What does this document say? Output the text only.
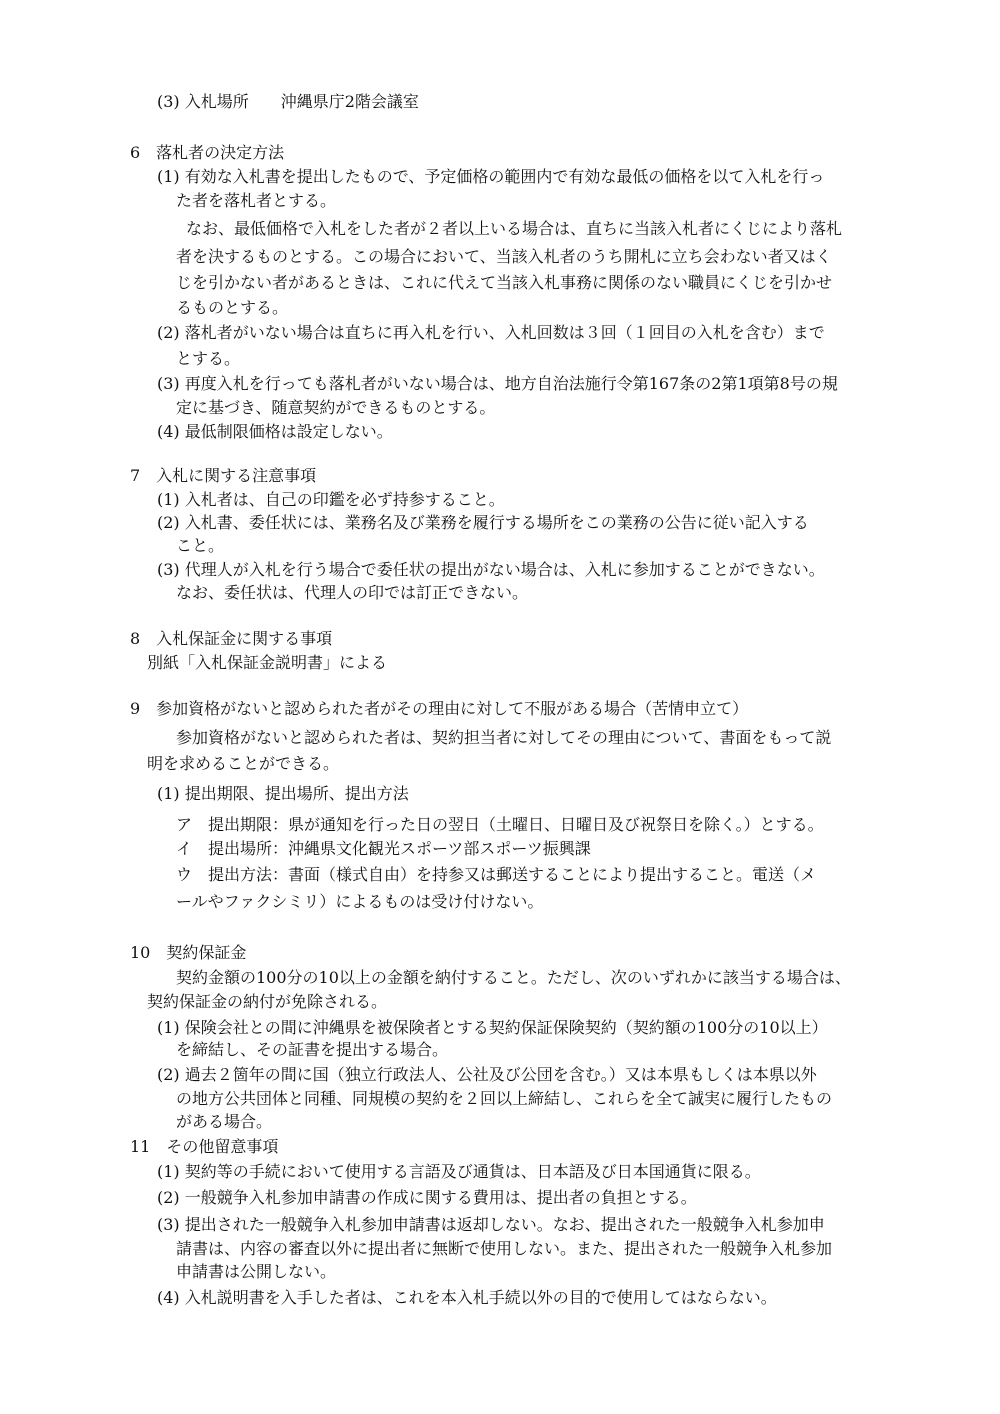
(3) 入札場所　　沖縄県庁2階会議室
6　落札者の決定方法
(1) 有効な入札書を提出したもので、予定価格の範囲内で有効な最低の価格を以て入札を行っ
た者を落札者とする。
なお、最低価格で入札をした者が２者以上いる場合は、直ちに当該入札者にくじにより落札
者を決するものとする。この場合において、当該入札者のうち開札に立ち会わない者又はく
じを引かない者があるときは、これに代えて当該入札事務に関係のない職員にくじを引かせ
るものとする。
(2) 落札者がいない場合は直ちに再入札を行い、入札回数は３回（１回目の入札を含む）まで
とする。
(3) 再度入札を行っても落札者がいない場合は、地方自治法施行令第167条の2第1項第8号の規
定に基づき、随意契約ができるものとする。
(4) 最低制限価格は設定しない。
7　入札に関する注意事項
(1) 入札者は、自己の印鑑を必ず持参すること。
(2) 入札書、委任状には、業務名及び業務を履行する場所をこの業務の公告に従い記入する
こと。
(3) 代理人が入札を行う場合で委任状の提出がない場合は、入札に参加することができない。
なお、委任状は、代理人の印では訂正できない。
8　入札保証金に関する事項
別紙「入札保証金説明書」による
9　参加資格がないと認められた者がその理由に対して不服がある場合（苦情申立て）
参加資格がないと認められた者は、契約担当者に対してその理由について、書面をもって説
明を求めることができる。
(1) 提出期限、提出場所、提出方法
ア　提出期限：県が通知を行った日の翌日（土曜日、日曜日及び祝祭日を除く。）とする。
イ　提出場所：沖縄県文化観光スポーツ部スポーツ振興課
ウ　提出方法：書面（様式自由）を持参又は郵送することにより提出すること。電送（メ
ールやファクシミリ）によるものは受け付けない。
10　契約保証金
契約金額の100分の10以上の金額を納付すること。ただし、次のいずれかに該当する場合は、
契約保証金の納付が免除される。
(1) 保険会社との間に沖縄県を被保険者とする契約保証保険契約（契約額の100分の10以上）
を締結し、その証書を提出する場合。
(2) 過去２箇年の間に国（独立行政法人、公社及び公団を含む。）又は本県もしくは本県以外
の地方公共団体と同種、同規模の契約を２回以上締結し、これらを全て誠実に履行したもの
がある場合。
11　その他留意事項
(1) 契約等の手続において使用する言語及び通貨は、日本語及び日本国通貨に限る。
(2) 一般競争入札参加申請書の作成に関する費用は、提出者の負担とする。
(3) 提出された一般競争入札参加申請書は返却しない。なお、提出された一般競争入札参加申
請書は、内容の審査以外に提出者に無断で使用しない。また、提出された一般競争入札参加
申請書は公開しない。
(4) 入札説明書を入手した者は、これを本入札手続以外の目的で使用してはならない。
